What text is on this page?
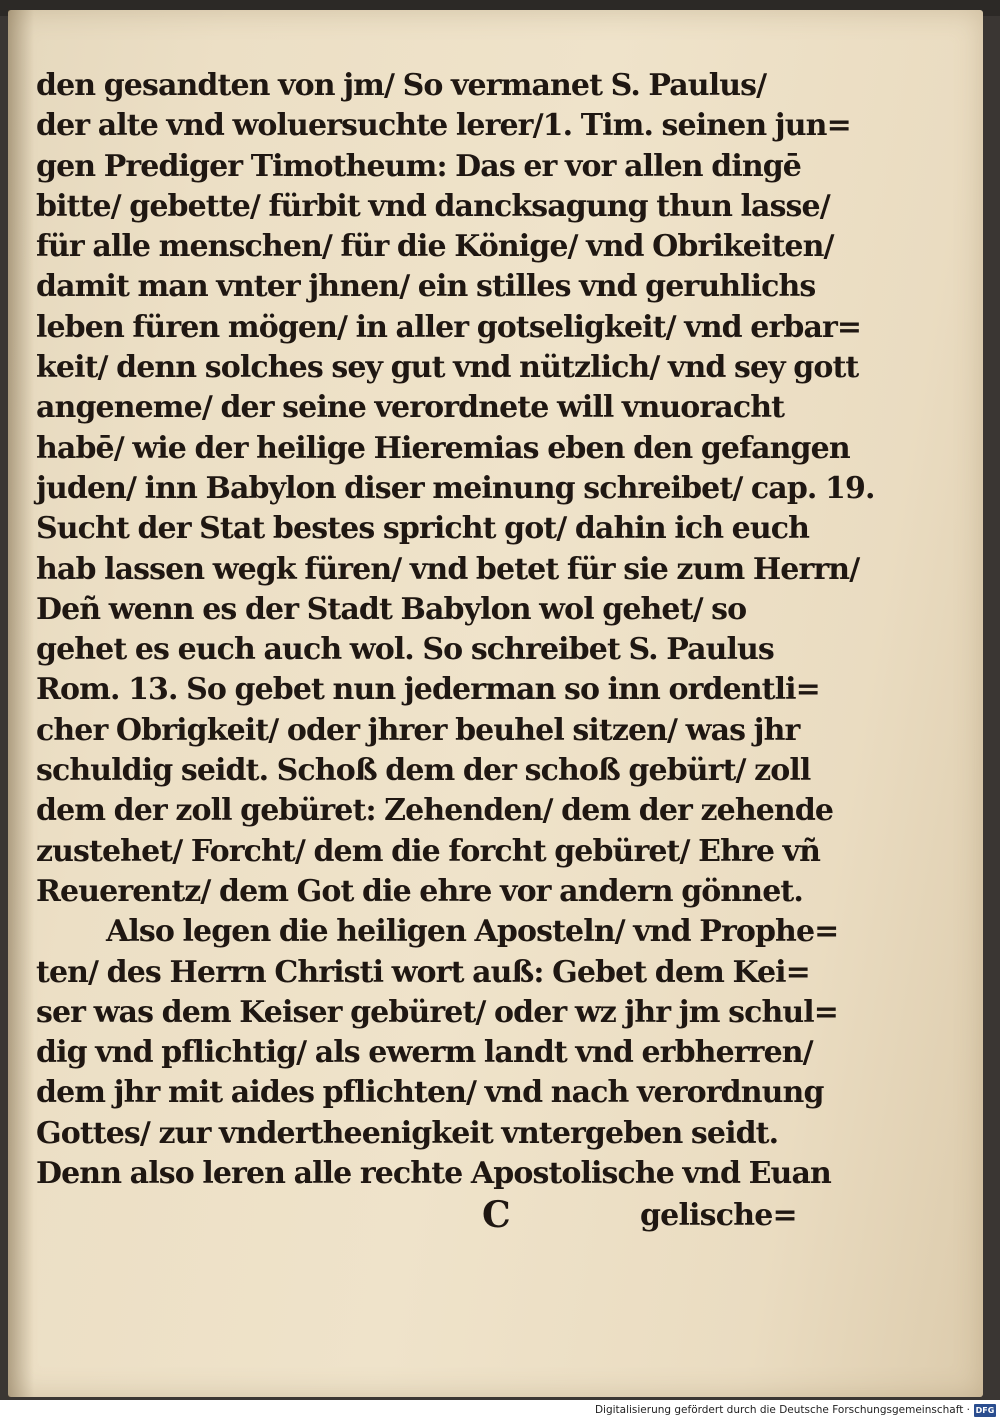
den gesandten von jm/ So vermanet S. Paulus/
der alte vnd woluersuchte lerer/1. Tim. seinen jun=
gen Prediger Timotheum: Das er vor allen dingē
bitte/ gebette/ fürbit vnd dancksagung thun lasse/
für alle menschen/ für die Könige/ vnd Obrikeiten/
damit man vnter jhnen/ ein stilles vnd geruhlichs
leben füren mögen/ in aller gotseligkeit/ vnd erbar=
keit/ denn solches sey gut vnd nützlich/ vnd sey gott
angeneme/ der seine verordnete will vnuoracht
habē/ wie der heilige Hieremias eben den gefangen
juden/ inn Babylon diser meinung schreibet/ cap. 19.
Sucht der Stat bestes spricht got/ dahin ich euch
hab lassen wegk füren/ vnd betet für sie zum Herrn/
Deñ wenn es der Stadt Babylon wol gehet/ so
gehet es euch auch wol. So schreibet S. Paulus
Rom. 13. So gebet nun jederman so inn ordentli=
cher Obrigkeit/ oder jhrer beuhel sitzen/ was jhr
schuldig seidt. Schoß dem der schoß gebürt/ zoll
dem der zoll gebüret: Zehenden/ dem der zehende
zustehet/ Forcht/ dem die forcht gebüret/ Ehre vñ
Reuerentz/ dem Got die ehre vor andern gönnet.
Also legen die heiligen Aposteln/ vnd Prophe=
ten/ des Herrn Christi wort auß: Gebet dem Kei=
ser was dem Keiser gebüret/ oder wz jhr jm schul=
dig vnd pflichtig/ als ewerm landt vnd erbherren/
dem jhr mit aides pflichten/ vnd nach verordnung
Gottes/ zur vndertheenigkeit vntergeben seidt.
Denn also leren alle rechte Apostolische vnd Euan
C	gelische=
Digitalisierung gefördert durch die Deutsche Forschungsgemeinschaft · DFG
